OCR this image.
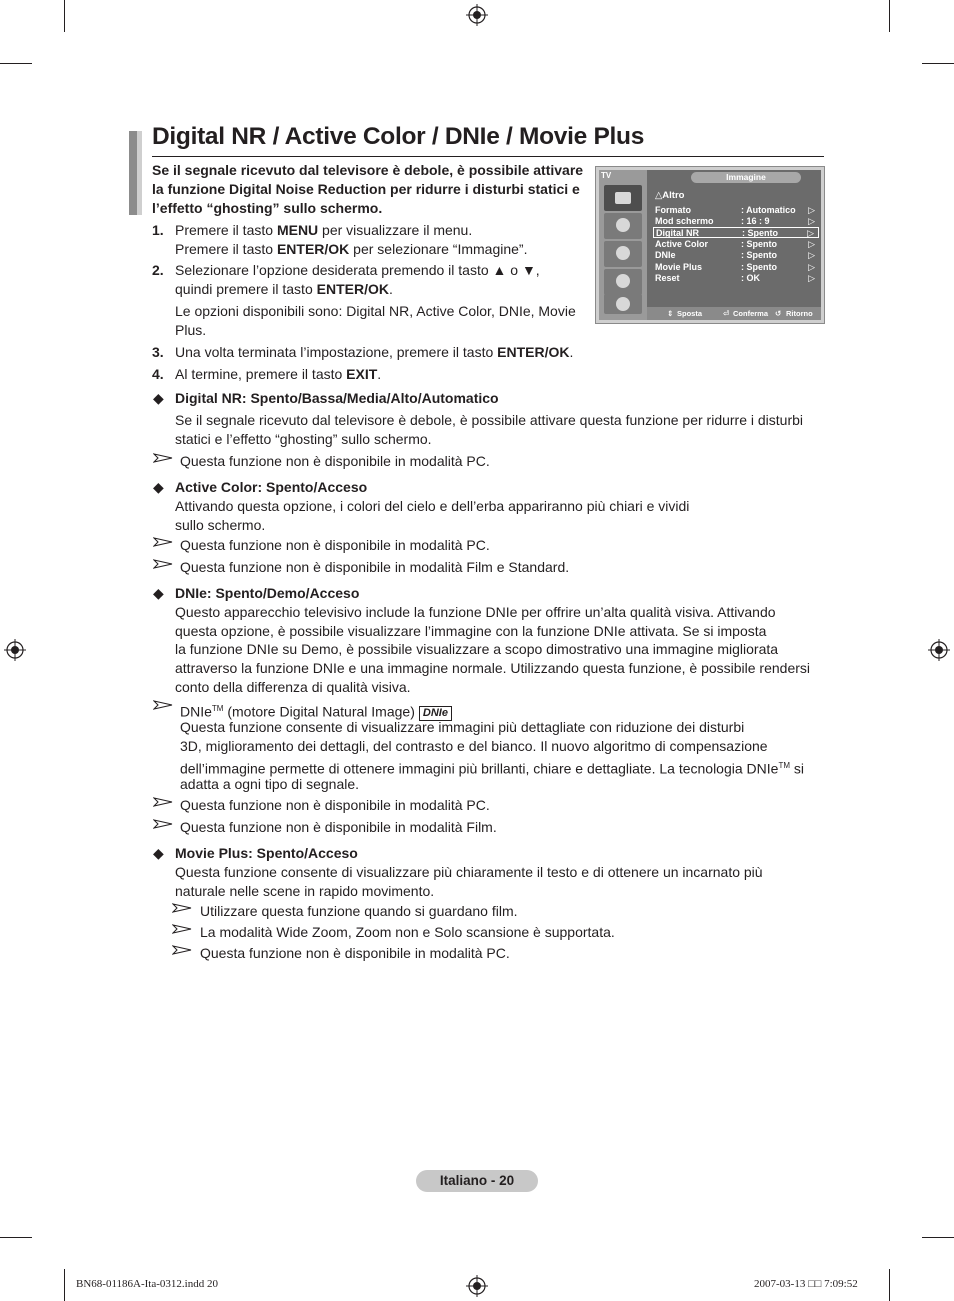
Digital NR / Active Color / DNIe / Movie Plus
Se il segnale ricevuto dal televisore è debole, è possibile attivare la funzione Digital Noise Reduction per ridurre i disturbi statici e l’effetto “ghosting” sullo schermo.
1. Premere il tasto MENU per visualizzare il menu.
Premere il tasto ENTER/OK per selezionare “Immagine”.
2. Selezionare l’opzione desiderata premendo il tasto ▲ o ▼,
quindi premere il tasto ENTER/OK.
Le opzioni disponibili sono: Digital NR, Active Color, DNIe, Movie
Plus.
3. Una volta terminata l’impostazione, premere il tasto ENTER/OK.
4. Al termine, premere il tasto EXIT.
TV	Immagine
△Altro
Formato	: Automatico ▷
Mod schermo	: 16 : 9	▷
Digital NR	: Spento	▷
Active Color	: Spento	▷
DNIe	: Spento	▷
Movie Plus	: Spento	▷
Reset	: OK	▷
⇕ Sposta	⏎ Conferma ↺ Ritorno
◆ Digital NR: Spento/Bassa/Media/Alto/Automatico
Se il segnale ricevuto dal televisore è debole, è possibile attivare questa funzione per ridurre i disturbi
statici e l’effetto “ghosting” sullo schermo.
Questa funzione non è disponibile in modalità PC.
◆ Active Color: Spento/Acceso
Attivando questa opzione, i colori del cielo e dell’erba appariranno più chiari e vividi
sullo schermo.
Questa funzione non è disponibile in modalità PC.
Questa funzione non è disponibile in modalità Film e Standard.
◆ DNIe: Spento/Demo/Acceso
Questo apparecchio televisivo include la funzione DNIe per offrire un’alta qualità visiva. Attivando
questa opzione, è possibile visualizzare l’immagine con la funzione DNIe attivata. Se si imposta
la funzione DNIe su Demo, è possibile visualizzare a scopo dimostrativo una immagine migliorata
attraverso la funzione DNIe e una immagine normale. Utilizzando questa funzione, è possibile rendersi
conto della differenza di qualità visiva.
DNIe™ (motore Digital Natural Image) DNIe
Questa funzione consente di visualizzare immagini più dettagliate con riduzione dei disturbi
3D, miglioramento dei dettagli, del contrasto e del bianco. Il nuovo algoritmo di compensazione
dell’immagine permette di ottenere immagini più brillanti, chiare e dettagliate. La tecnologia DNIe™ si
adatta a ogni tipo di segnale.
Questa funzione non è disponibile in modalità PC.
Questa funzione non è disponibile in modalità Film.
◆ Movie Plus: Spento/Acceso
Questa funzione consente di visualizzare più chiaramente il testo e di ottenere un incarnato più
naturale nelle scene in rapido movimento.
Utilizzare questa funzione quando si guardano film.
La modalità Wide Zoom, Zoom non e Solo scansione è supportata.
Questa funzione non è disponibile in modalità PC.
Italiano - 20
BN68-01186A-Ita-0312.indd 20	2007-03-13 □□ 7:09:52
